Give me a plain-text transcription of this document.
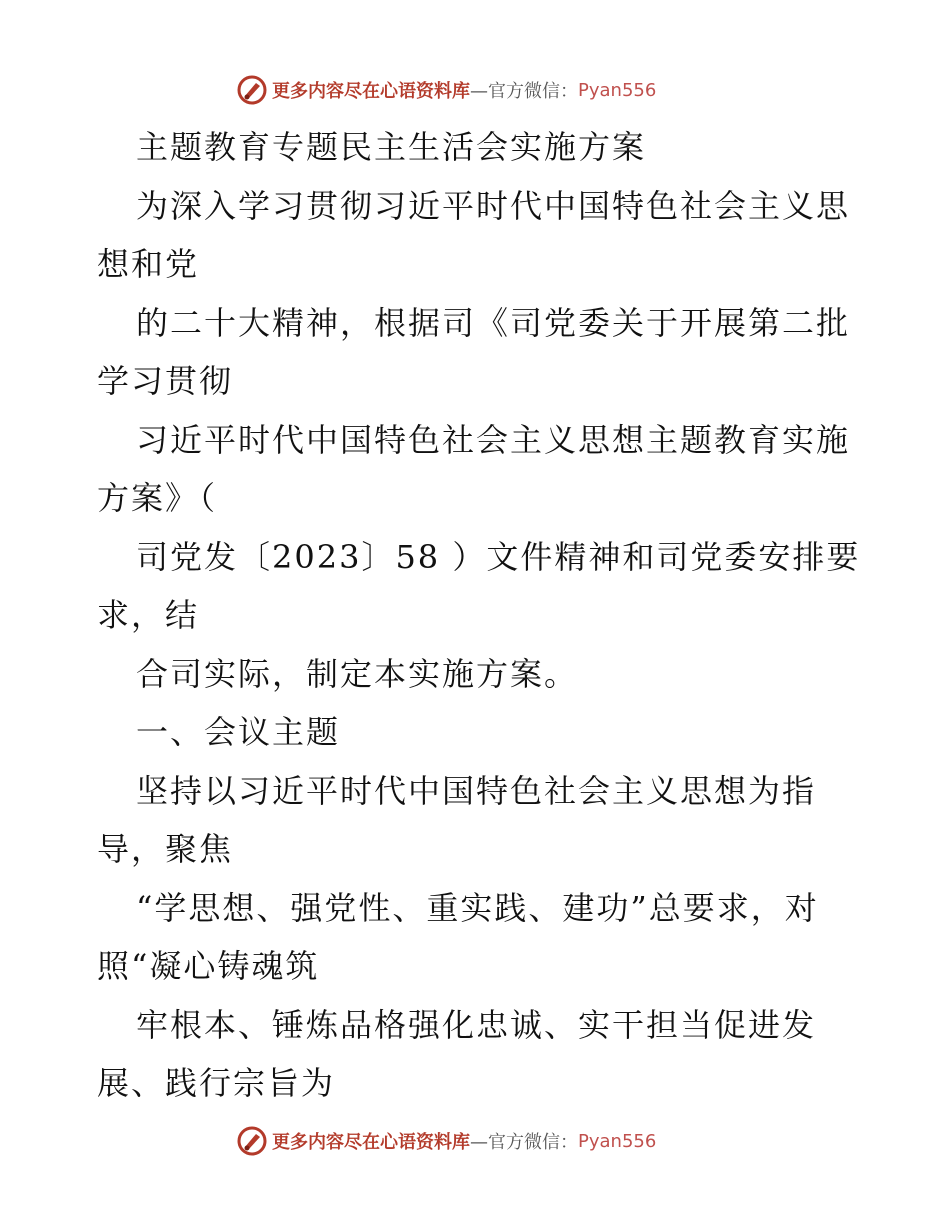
更多内容尽在心语资料库 —官方微信： Pyan556
主题教育专题民主生活会实施方案
为深入学习贯彻习近平时代中国特色社会主义思
想和党
的二十大精神，根据司《司党委关于开展第二批
学习贯彻
习近平时代中国特色社会主义思想主题教育实施
方案》（
司党发〔2023〕58 ）文件精神和司党委安排要
求，结
合司实际，制定本实施方案。
一、会议主题
坚持以习近平时代中国特色社会主义思想为指
导，聚焦
“学思想、强党性、重实践、建功”总要求，对
照“凝心铸魂筑
牢根本、锤炼品格强化忠诚、实干担当促进发
展、践行宗旨为
更多内容尽在心语资料库 —官方微信： Pyan556
